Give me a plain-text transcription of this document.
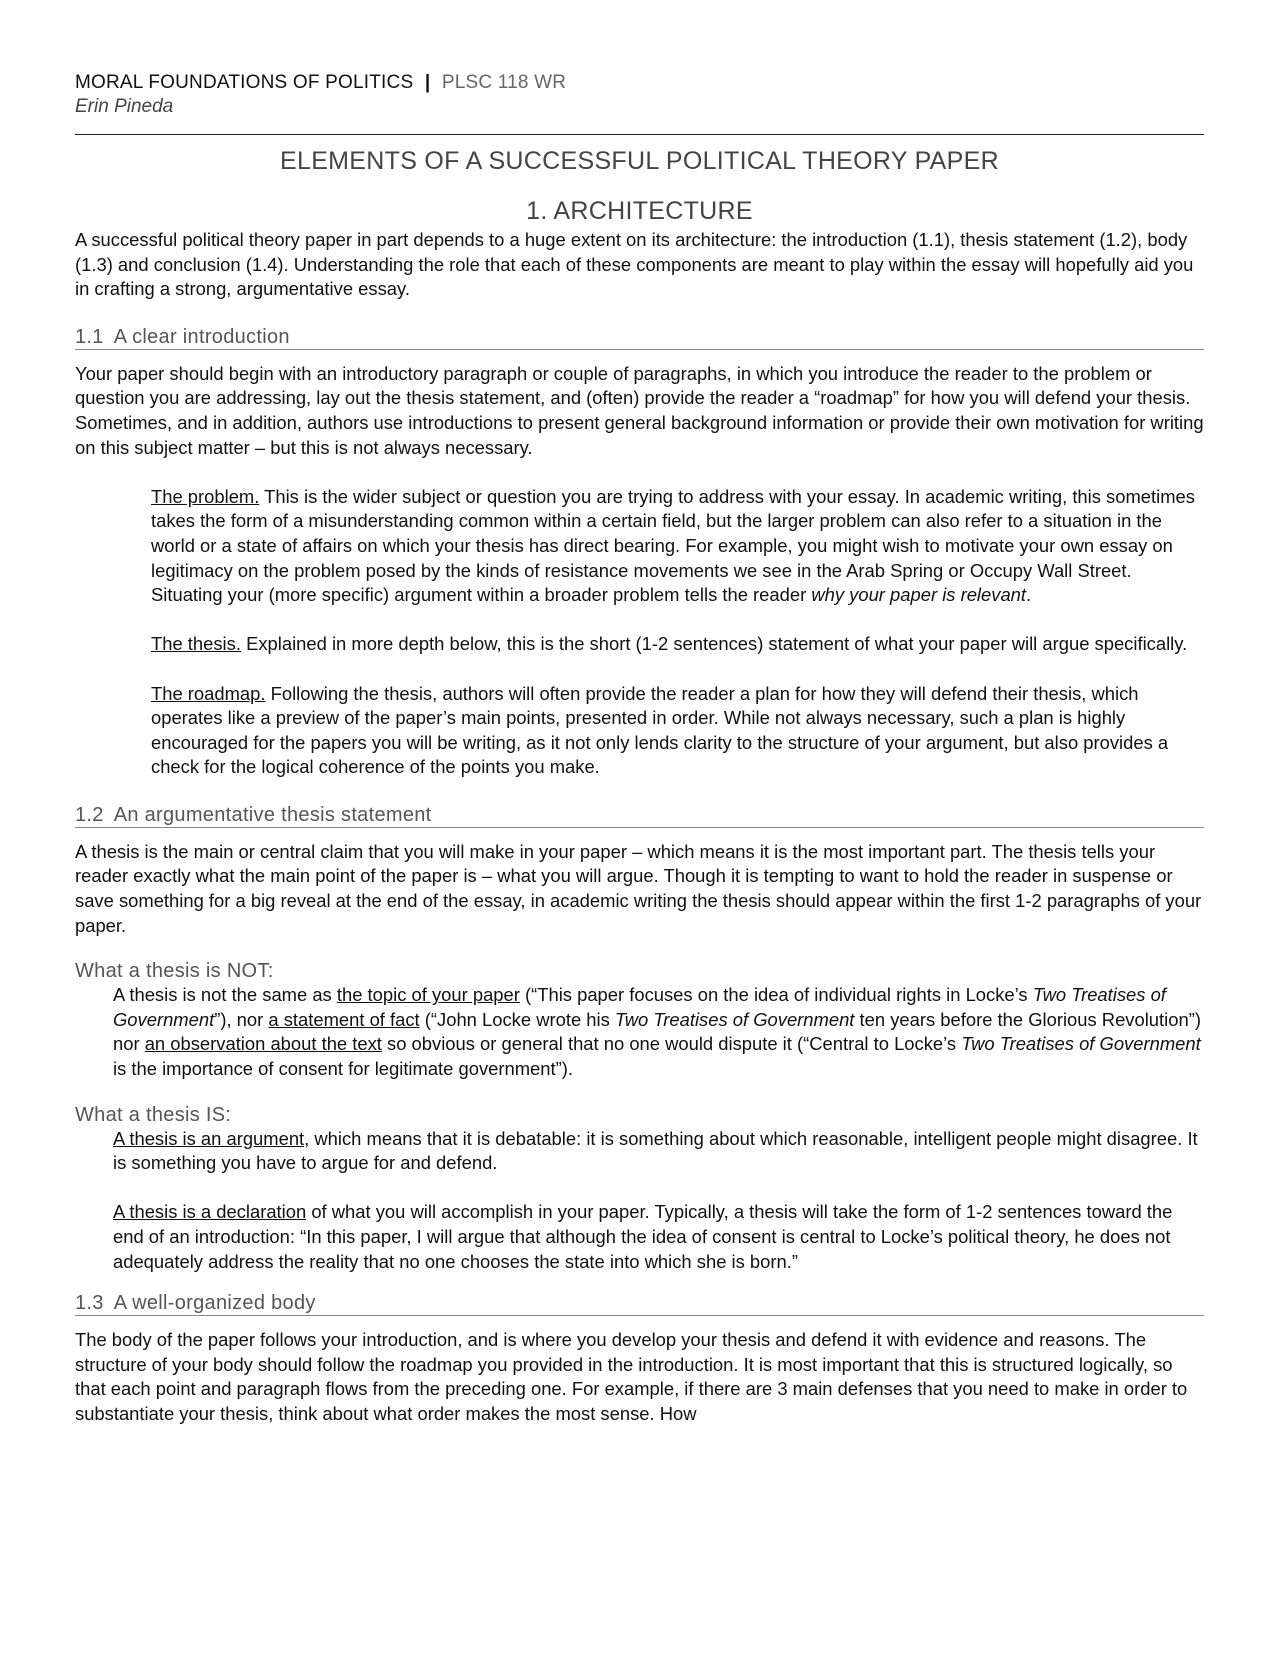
MORAL FOUNDATIONS OF POLITICS | PLSC 118 WR
Erin Pineda
ELEMENTS OF A SUCCESSFUL POLITICAL THEORY PAPER
1. ARCHITECTURE

A successful political theory paper in part depends to a huge extent on its architecture: the introduction (1.1), thesis statement (1.2), body (1.3) and conclusion (1.4). Understanding the role that each of these components are meant to play within the essay will hopefully aid you in crafting a strong, argumentative essay.

1.1 A clear introduction

Your paper should begin with an introductory paragraph or couple of paragraphs, in which you introduce the reader to the problem or question you are addressing, lay out the thesis statement, and (often) provide the reader a “roadmap” for how you will defend your thesis. Sometimes, and in addition, authors use introductions to present general background information or provide their own motivation for writing on this subject matter – but this is not always necessary.

The problem. This is the wider subject or question you are trying to address with your essay. In academic writing, this sometimes takes the form of a misunderstanding common within a certain field, but the larger problem can also refer to a situation in the world or a state of affairs on which your thesis has direct bearing. For example, you might wish to motivate your own essay on legitimacy on the problem posed by the kinds of resistance movements we see in the Arab Spring or Occupy Wall Street. Situating your (more specific) argument within a broader problem tells the reader why your paper is relevant.

The thesis. Explained in more depth below, this is the short (1-2 sentences) statement of what your paper will argue specifically.

The roadmap. Following the thesis, authors will often provide the reader a plan for how they will defend their thesis, which operates like a preview of the paper’s main points, presented in order. While not always necessary, such a plan is highly encouraged for the papers you will be writing, as it not only lends clarity to the structure of your argument, but also provides a check for the logical coherence of the points you make.

1.2 An argumentative thesis statement

A thesis is the main or central claim that you will make in your paper – which means it is the most important part. The thesis tells your reader exactly what the main point of the paper is – what you will argue. Though it is tempting to want to hold the reader in suspense or save something for a big reveal at the end of the essay, in academic writing the thesis should appear within the first 1-2 paragraphs of your paper.

What a thesis is NOT:

A thesis is not the same as the topic of your paper (“This paper focuses on the idea of individual rights in Locke’s Two Treatises of Government”), nor a statement of fact (“John Locke wrote his Two Treatises of Government ten years before the Glorious Revolution”) nor an observation about the text so obvious or general that no one would dispute it (“Central to Locke’s Two Treatises of Government is the importance of consent for legitimate government”).

What a thesis IS:

A thesis is an argument, which means that it is debatable: it is something about which reasonable, intelligent people might disagree. It is something you have to argue for and defend.

A thesis is a declaration of what you will accomplish in your paper. Typically, a thesis will take the form of 1-2 sentences toward the end of an introduction: “In this paper, I will argue that although the idea of consent is central to Locke’s political theory, he does not adequately address the reality that no one chooses the state into which she is born.”

1.3 A well-organized body

The body of the paper follows your introduction, and is where you develop your thesis and defend it with evidence and reasons. The structure of your body should follow the roadmap you provided in the introduction. It is most important that this is structured logically, so that each point and paragraph flows from the preceding one. For example, if there are 3 main defenses that you need to make in order to substantiate your thesis, think about what order makes the most sense. How
